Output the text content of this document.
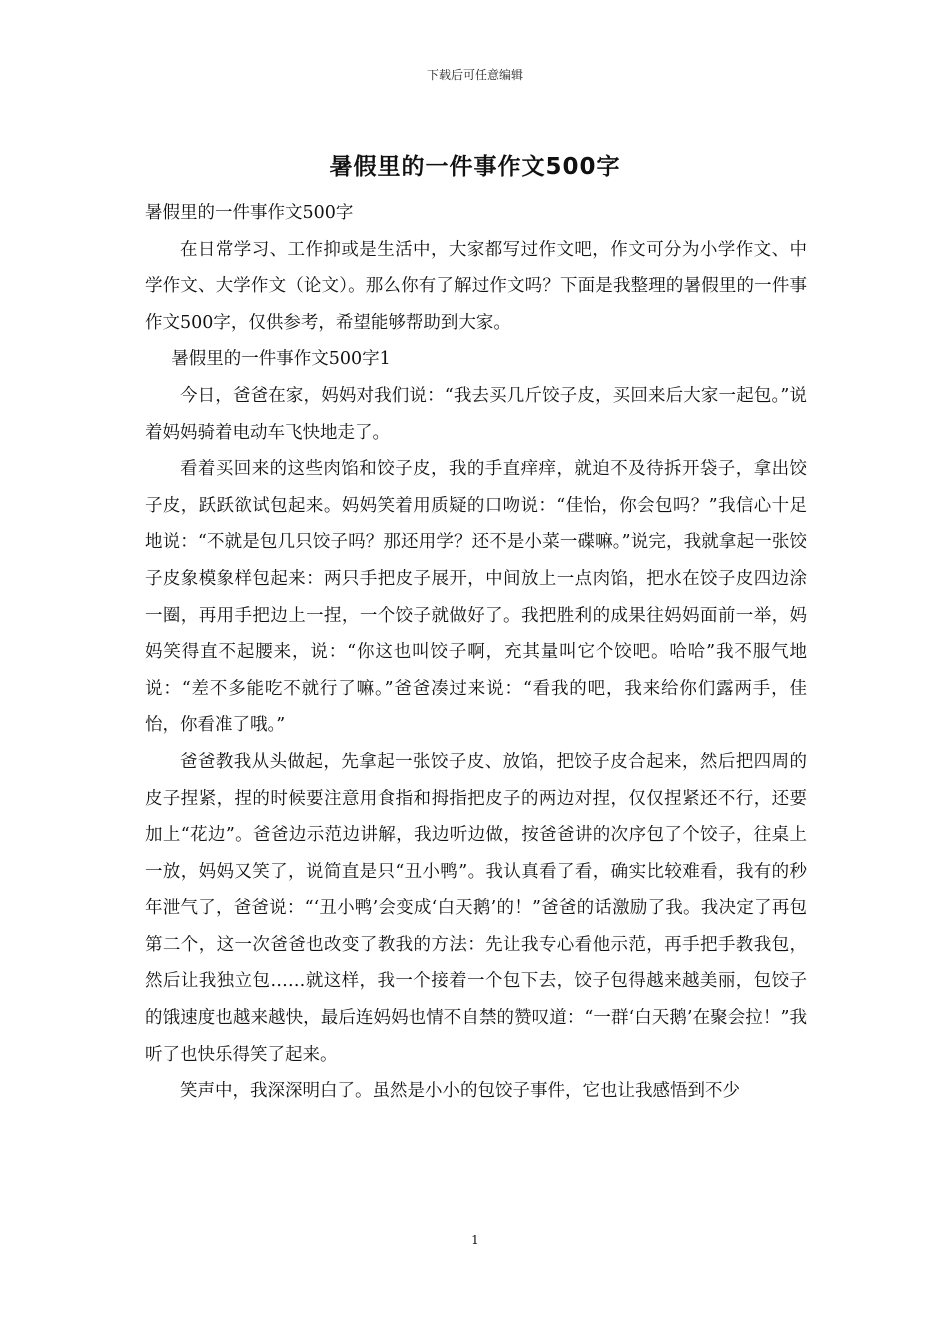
下载后可任意编辑
暑假里的一件事作文500字

暑假里的一件事作文500字

在日常学习、工作抑或是生活中，大家都写过作文吧，作文可分为小学作文、中学作文、大学作文（论文）。那么你有了解过作文吗？下面是我整理的暑假里的一件事作文500字，仅供参考，希望能够帮助到大家。

暑假里的一件事作文500字1

今日，爸爸在家，妈妈对我们说：“我去买几斤饺子皮，买回来后大家一起包。”说着妈妈骑着电动车飞快地走了。

看着买回来的这些肉馅和饺子皮，我的手直痒痒，就迫不及待拆开袋子，拿出饺子皮，跃跃欲试包起来。妈妈笑着用质疑的口吻说：“佳怡，你会包吗？”我信心十足地说：“不就是包几只饺子吗？那还用学？还不是小菜一碟嘛。”说完，我就拿起一张饺子皮象模象样包起来：两只手把皮子展开，中间放上一点肉馅，把水在饺子皮四边涂一圈，再用手把边上一捏，一个饺子就做好了。我把胜利的成果往妈妈面前一举，妈妈笑得直不起腰来，说：“你这也叫饺子啊，充其量叫它个饺吧。哈哈”我不服气地说：“差不多能吃不就行了嘛。”爸爸凑过来说：“看我的吧，我来给你们露两手，佳怡，你看准了哦。”

爸爸教我从头做起，先拿起一张饺子皮、放馅，把饺子皮合起来，然后把四周的皮子捏紧，捏的时候要注意用食指和拇指把皮子的两边对捏，仅仅捏紧还不行，还要加上“花边”。爸爸边示范边讲解，我边听边做，按爸爸讲的次序包了个饺子，往桌上一放，妈妈又笑了，说简直是只“丑小鸭”。我认真看了看，确实比较难看，我有的秒年泄气了，爸爸说：“‘丑小鸭’会变成‘白天鹅’的！”爸爸的话激励了我。我决定了再包第二个，这一次爸爸也改变了教我的方法：先让我专心看他示范，再手把手教我包，然后让我独立包……就这样，我一个接着一个包下去，饺子包得越来越美丽，包饺子的饿速度也越来越快，最后连妈妈也情不自禁的赞叹道：“一群‘白天鹅’在聚会拉！”我听了也快乐得笑了起来。

笑声中，我深深明白了。虽然是小小的包饺子事件，它也让我感悟到不少

1
